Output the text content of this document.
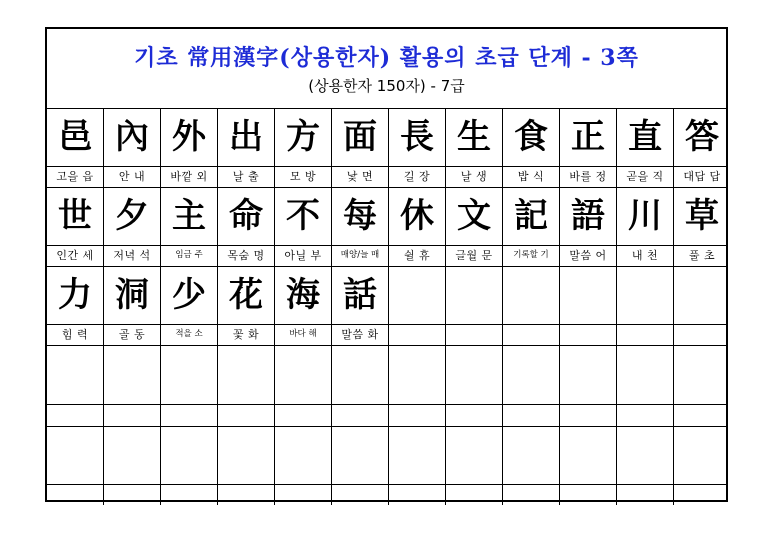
기초 常用漢字(상용한자) 활용의 초급 단계 - 3쪽
(상용한자 150자) - 7급
邑 內 外 出 方 面 長 生 食 正 直 答
고을 읍	안 내	바깥 외	날 출	모 방	낯 면	길 장	날 생	밥 식	바를 정	곧을 직	대답 답
世 夕 主 命 不 每 休 文 記 語 川 草
인간 세	저녁 석	임금 주	목숨 명	아닐 부	매양/늘 매	쉴 휴	글월 문	기록할 기	말씀 어	내 천	풀 초
力 洞 少 花 海 話
힘 력	골 동	적을 소	꽃 화	바다 해	말씀 화
